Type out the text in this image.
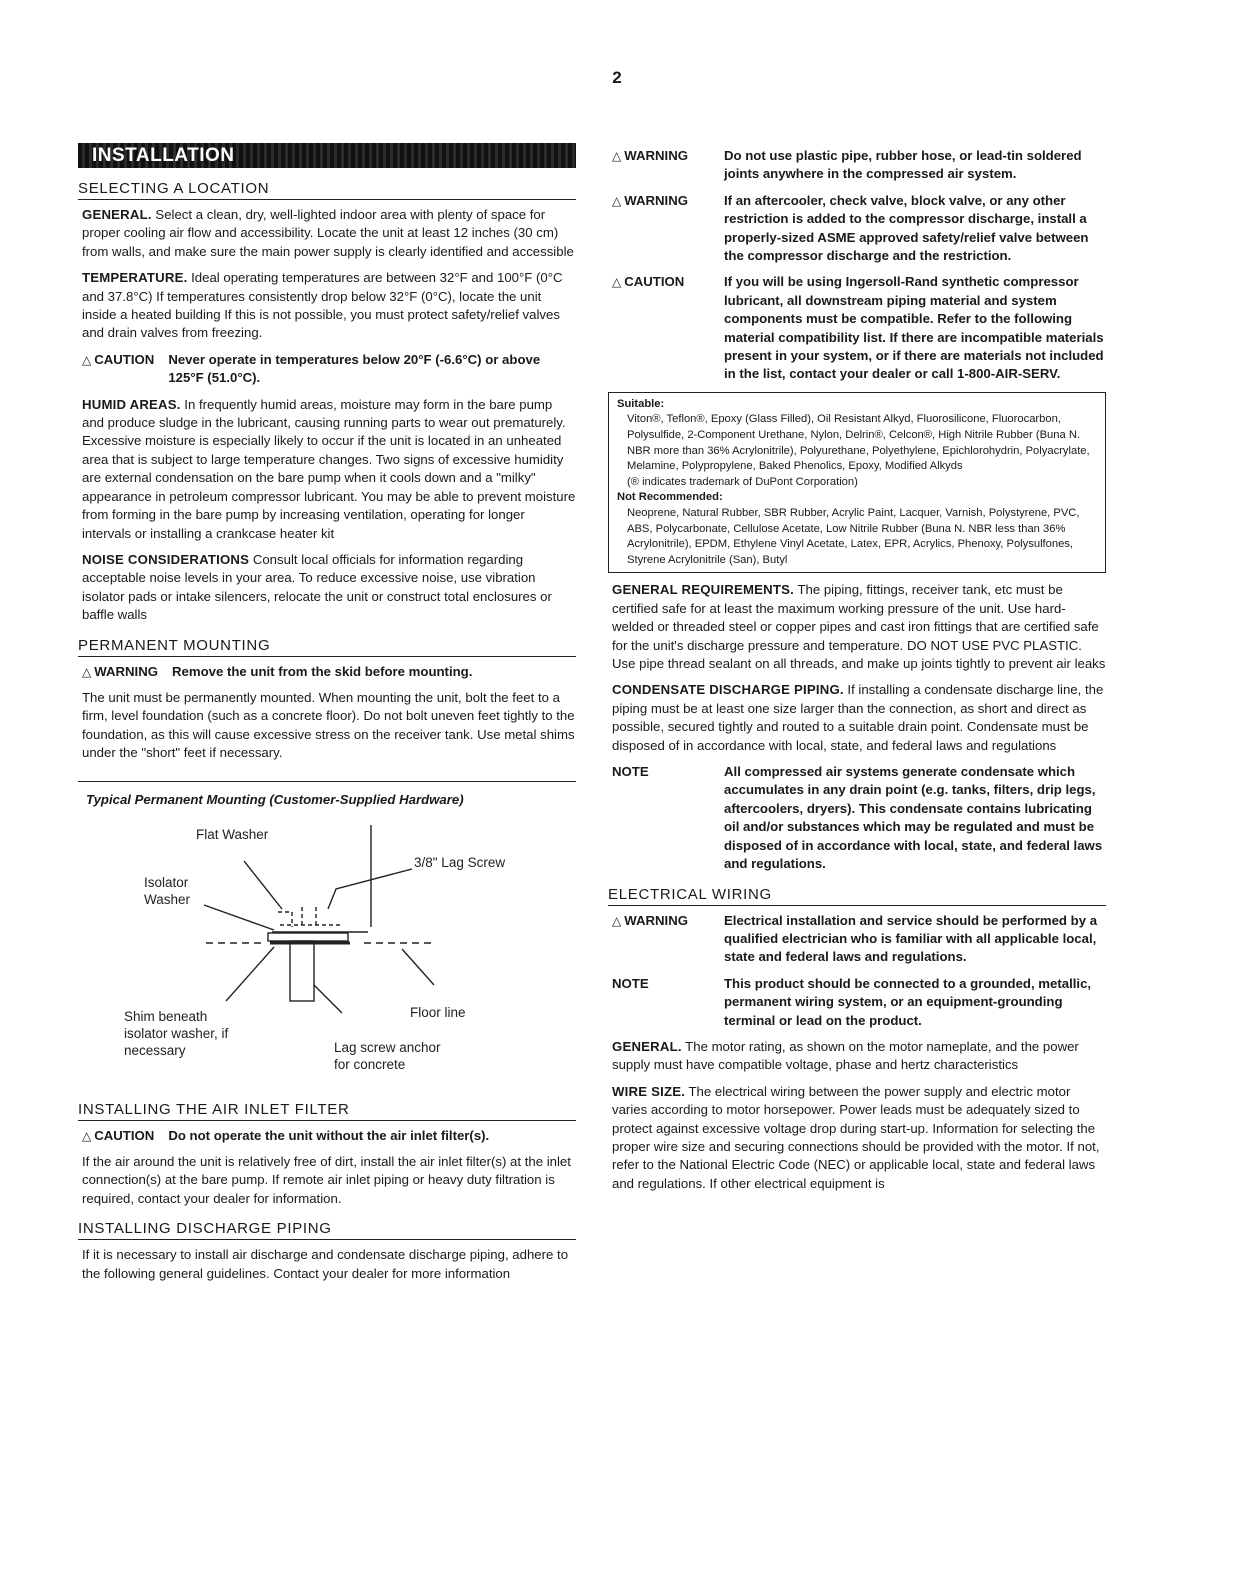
2
INSTALLATION
SELECTING A LOCATION

GENERAL. Select a clean, dry, well-lighted indoor area with plenty of space for proper cooling air flow and accessibility. Locate the unit at least 12 inches (30 cm) from walls, and make sure the main power supply is clearly identified and accessible

TEMPERATURE. Ideal operating temperatures are between 32°F and 100°F (0°C and 37.8°C) If temperatures consistently drop below 32°F (0°C), locate the unit inside a heated building If this is not possible, you must protect safety/relief valves and drain valves from freezing.

△ CAUTION Never operate in temperatures below 20°F (-6.6°C) or above 125°F (51.0°C).

HUMID AREAS. In frequently humid areas, moisture may form in the bare pump and produce sludge in the lubricant, causing running parts to wear out prematurely. Excessive moisture is especially likely to occur if the unit is located in an unheated area that is subject to large temperature changes. Two signs of excessive humidity are external condensation on the bare pump when it cools down and a "milky" appearance in petroleum compressor lubricant. You may be able to prevent moisture from forming in the bare pump by increasing ventilation, operating for longer intervals or installing a crankcase heater kit

NOISE CONSIDERATIONS Consult local officials for information regarding acceptable noise levels in your area. To reduce excessive noise, use vibration isolator pads or intake silencers, relocate the unit or construct total enclosures or baffle walls

PERMANENT MOUNTING
△ WARNING Remove the unit from the skid before mounting.

The unit must be permanently mounted. When mounting the unit, bolt the feet to a firm, level foundation (such as a concrete floor). Do not bolt uneven feet tightly to the foundation, as this will cause excessive stress on the receiver tank. Use metal shims under the "short" feet if necessary.

Typical Permanent Mounting (Customer-Supplied Hardware)
Flat Washer
3/8" Lag Screw
Isolator
Washer
Shim beneath
isolator washer, if
necessary
Floor line
Lag screw anchor
for concrete
INSTALLING THE AIR INLET FILTER
△ CAUTION Do not operate the unit without the air inlet filter(s).

If the air around the unit is relatively free of dirt, install the air inlet filter(s) at the inlet connection(s) at the bare pump. If remote air inlet piping or heavy duty filtration is required, contact your dealer for information.

INSTALLING DISCHARGE PIPING

If it is necessary to install air discharge and condensate discharge piping, adhere to the following general guidelines. Contact your dealer for more information

△ WARNING	Do not use plastic pipe, rubber hose, or lead-tin soldered joints anywhere in the compressed air system.
△ WARNING	If an aftercooler, check valve, block valve, or any other restriction is added to the compressor discharge, install a properly-sized ASME approved safety/relief valve between the compressor discharge and the restriction.
△ CAUTION	If you will be using Ingersoll-Rand synthetic compressor lubricant, all downstream piping material and system components must be compatible. Refer to the following material compatibility list. If there are incompatible materials present in your system, or if there are materials not included in the list, contact your dealer or call 1-800-AIR-SERV.
Suitable:
Viton®, Teflon®, Epoxy (Glass Filled), Oil Resistant Alkyd, Fluorosilicone, Fluorocarbon, Polysulfide, 2-Component Urethane, Nylon, Delrin®, Celcon®, High Nitrile Rubber (Buna N. NBR more than 36% Acrylonitrile), Polyurethane, Polyethylene, Epichlorohydrin, Polyacrylate, Melamine, Polypropylene, Baked Phenolics, Epoxy, Modified Alkyds
(® indicates trademark of DuPont Corporation)
Not Recommended:
Neoprene, Natural Rubber, SBR Rubber, Acrylic Paint, Lacquer, Varnish, Polystyrene, PVC, ABS, Polycarbonate, Cellulose Acetate, Low Nitrile Rubber (Buna N. NBR less than 36% Acrylonitrile), EPDM, Ethylene Vinyl Acetate, Latex, EPR, Acrylics, Phenoxy, Polysulfones, Styrene Acrylonitrile (San), Butyl

GENERAL REQUIREMENTS. The piping, fittings, receiver tank, etc must be certified safe for at least the maximum working pressure of the unit. Use hard-welded or threaded steel or copper pipes and cast iron fittings that are certified safe for the unit's discharge pressure and temperature. DO NOT USE PVC PLASTIC. Use pipe thread sealant on all threads, and make up joints tightly to prevent air leaks

CONDENSATE DISCHARGE PIPING. If installing a condensate discharge line, the piping must be at least one size larger than the connection, as short and direct as possible, secured tightly and routed to a suitable drain point. Condensate must be disposed of in accordance with local, state, and federal laws and regulations

NOTE	All compressed air systems generate condensate which accumulates in any drain point (e.g. tanks, filters, drip legs, aftercoolers, dryers). This condensate contains lubricating oil and/or substances which may be regulated and must be disposed of in accordance with local, state, and federal laws and regulations.
ELECTRICAL WIRING
△ WARNING	Electrical installation and service should be performed by a qualified electrician who is familiar with all applicable local, state and federal laws and regulations.
NOTE	This product should be connected to a grounded, metallic, permanent wiring system, or an equipment-grounding terminal or lead on the product.

GENERAL. The motor rating, as shown on the motor nameplate, and the power supply must have compatible voltage, phase and hertz characteristics

WIRE SIZE. The electrical wiring between the power supply and electric motor varies according to motor horsepower. Power leads must be adequately sized to protect against excessive voltage drop during start-up. Information for selecting the proper wire size and securing connections should be provided with the motor. If not, refer to the National Electric Code (NEC) or applicable local, state and federal laws and regulations. If other electrical equipment is
